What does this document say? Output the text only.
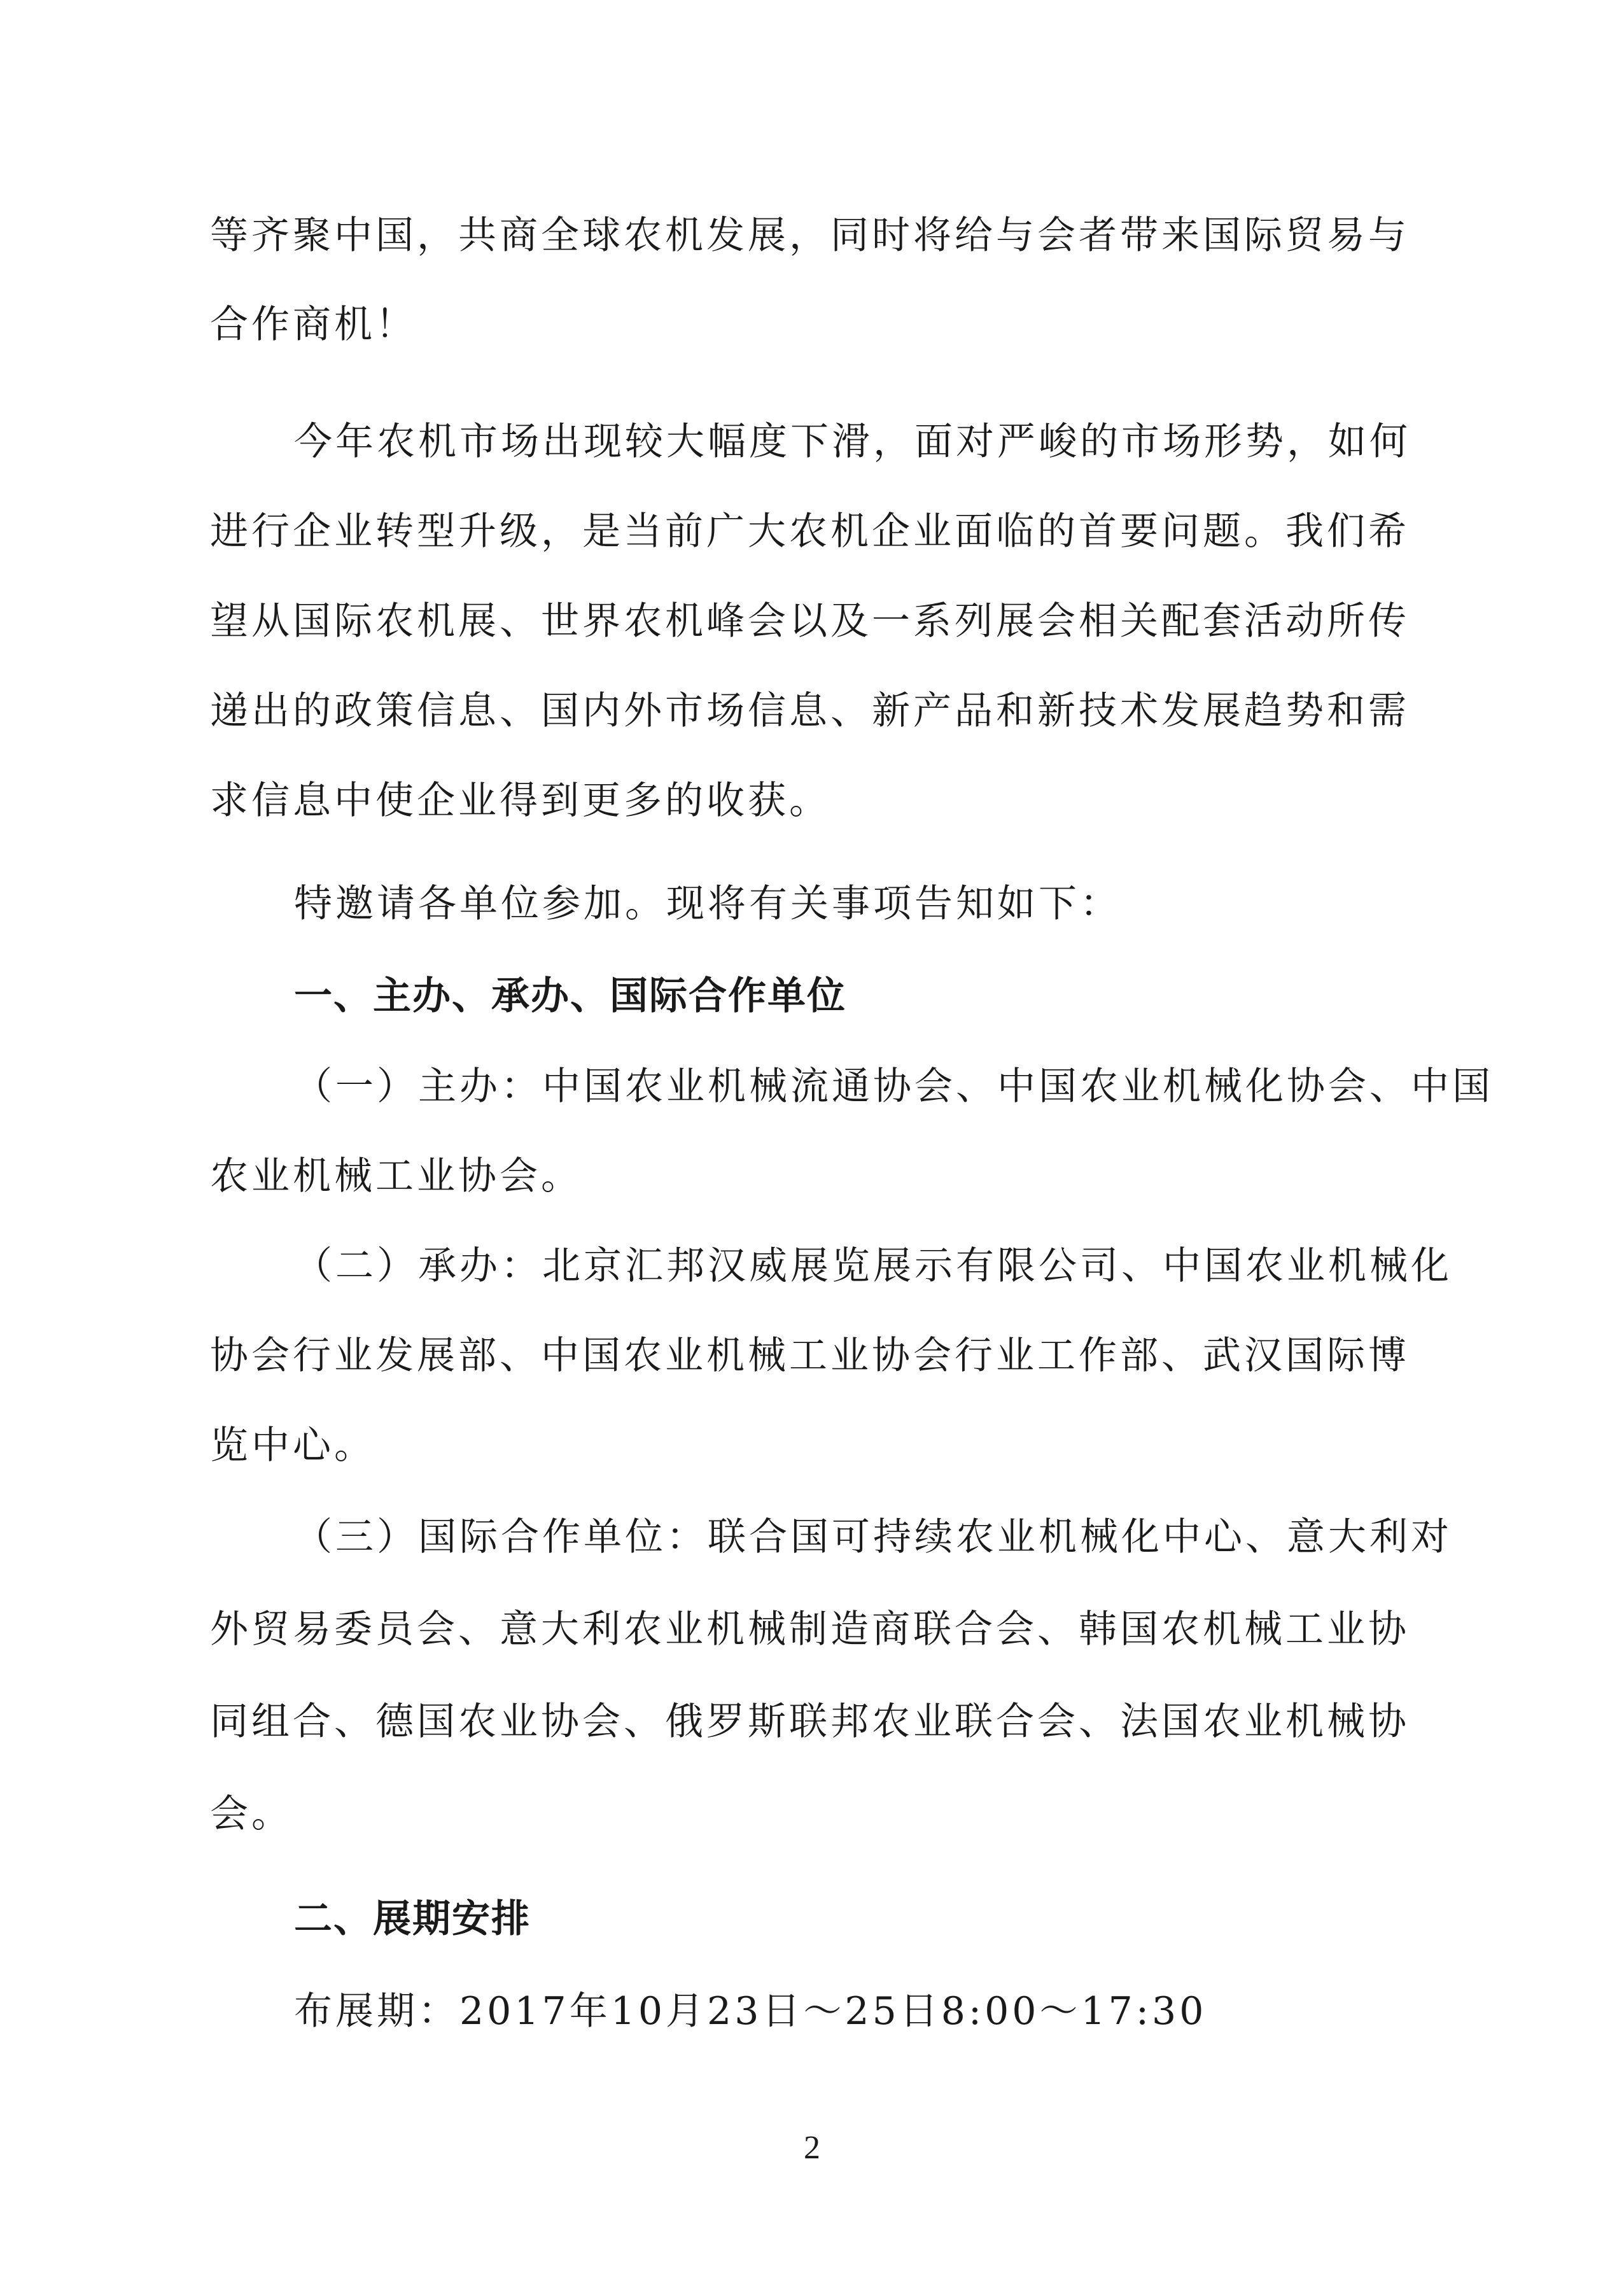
等齐聚中国，共商全球农机发展，同时将给与会者带来国际贸易与
合作商机！
今年农机市场出现较大幅度下滑，面对严峻的市场形势，如何
进行企业转型升级，是当前广大农机企业面临的首要问题。我们希
望从国际农机展、世界农机峰会以及一系列展会相关配套活动所传
递出的政策信息、国内外市场信息、新产品和新技术发展趋势和需
求信息中使企业得到更多的收获。
特邀请各单位参加。现将有关事项告知如下：
一、主办、承办、国际合作单位
（一）主办：中国农业机械流通协会、中国农业机械化协会、中国
农业机械工业协会。
（二）承办：北京汇邦汉威展览展示有限公司、中国农业机械化
协会行业发展部、中国农业机械工业协会行业工作部、武汉国际博
览中心。
（三）国际合作单位：联合国可持续农业机械化中心、意大利对
外贸易委员会、意大利农业机械制造商联合会、韩国农机械工业协
同组合、德国农业协会、俄罗斯联邦农业联合会、法国农业机械协
会。
二、展期安排
布展期：2017年10月23日～25日8:00～17:30
2
